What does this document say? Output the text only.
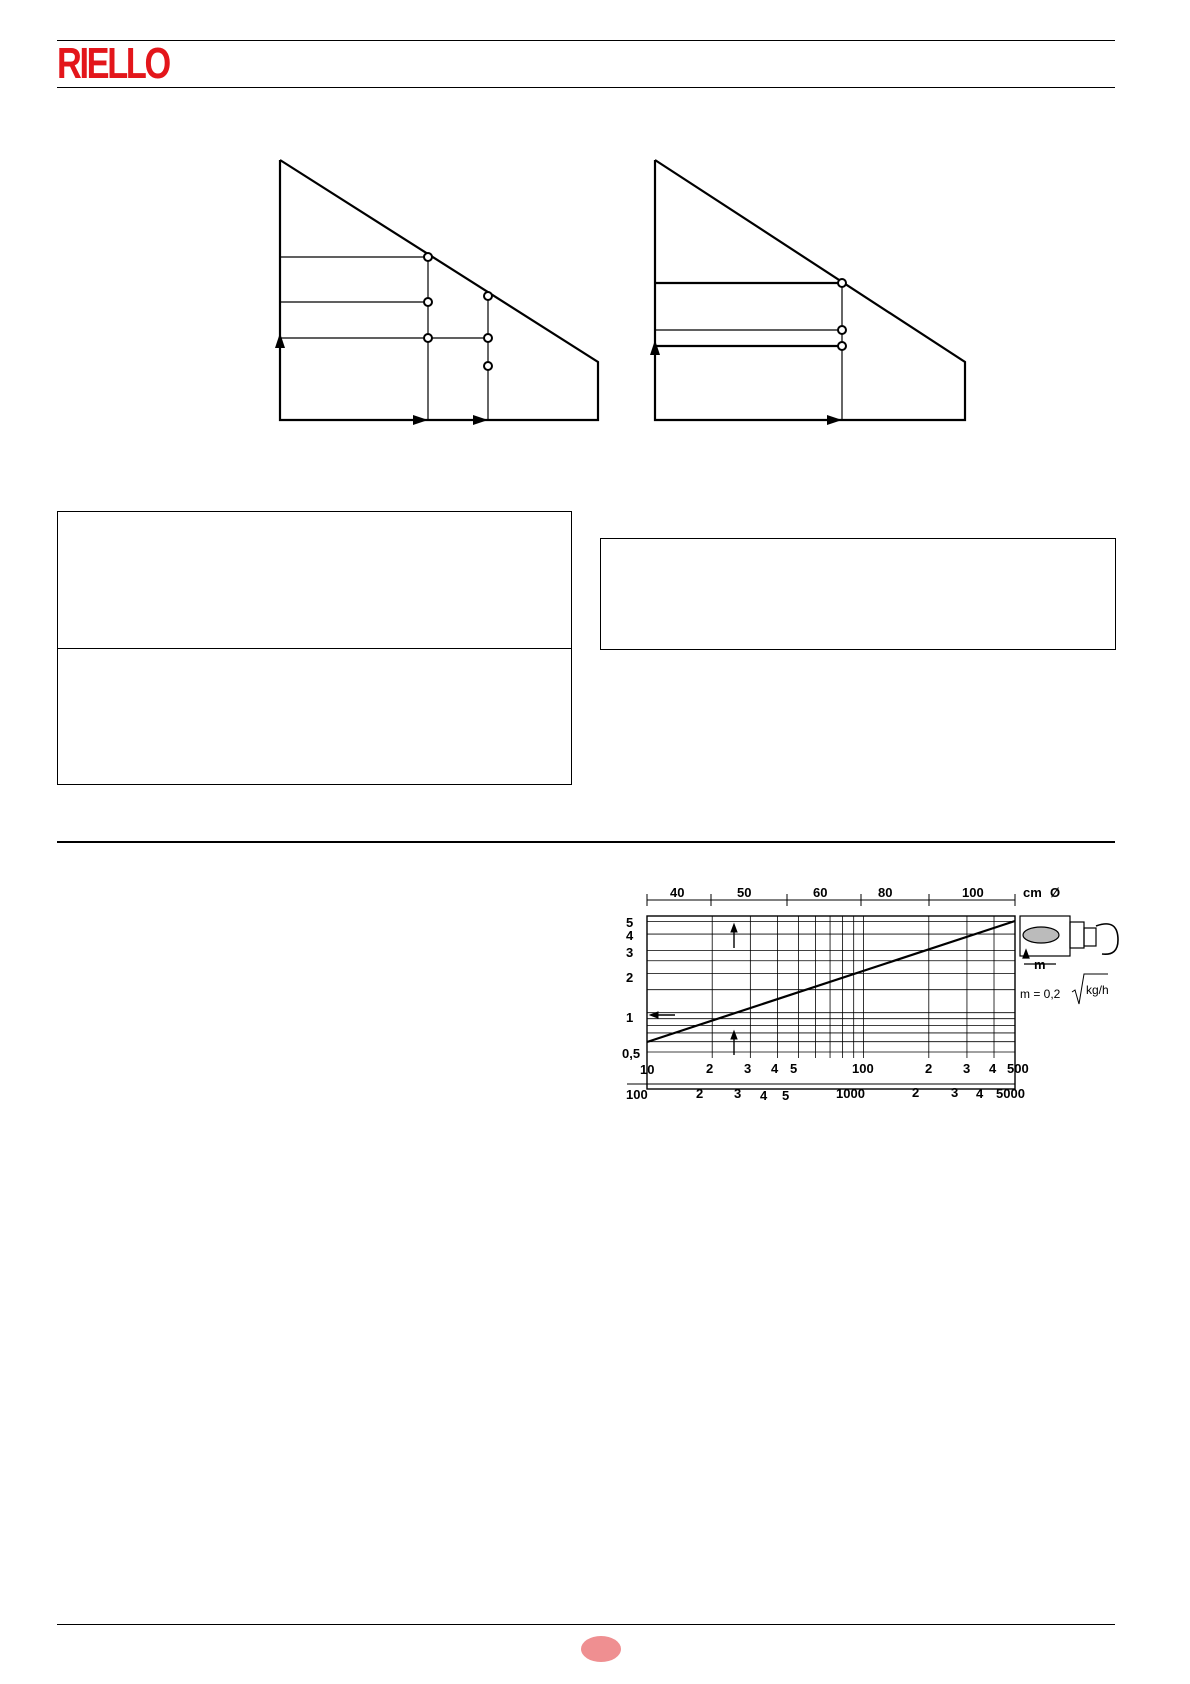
RIELLO
40	50	60	80	100	cm Ø
5
4
3
2
1
0,5
10	2 3 4 5	100	2 3 4 500
100	2 3 4 5	1000	2 3 4 5000
m
m = 0,2 kg/h
